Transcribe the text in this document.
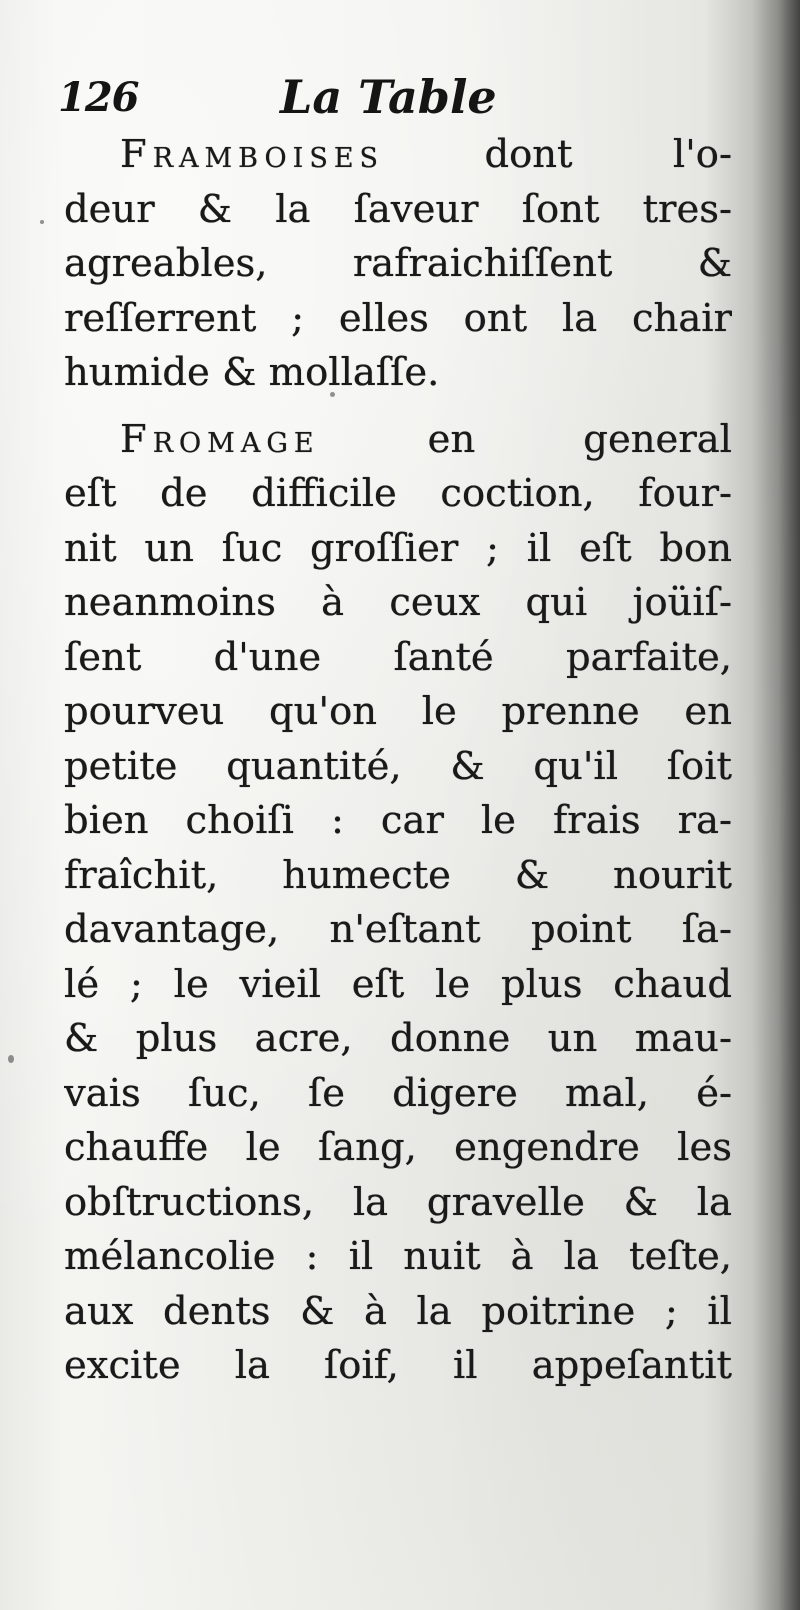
126	La Table
Framboises	dont l'o-
deur & la ſaveur ſont tres-
agreables, rafraichiſſent &
reſſerrent ; elles ont la chair
humide & mollaſſe.
Fromage	en general
eſt de difficile coction, four-
nit un ſuc groſſier ; il eſt bon
neanmoins à ceux qui joüiſ-
ſent d'une ſanté parfaite,
pourveu qu'on le prenne en
petite quantité, & qu'il ſoit
bien choiſi : car le frais ra-
fraîchit, humecte & nourit
davantage, n'eſtant point ſa-
lé ; le vieil eſt le plus chaud
& plus acre, donne un mau-
vais ſuc, ſe digere mal, é-
chauffe le ſang, engendre les
obſtructions, la gravelle & la
mélancolie : il nuit à la teſte,
aux dents & à la poitrine ; il
excite la ſoif, il appeſantit
